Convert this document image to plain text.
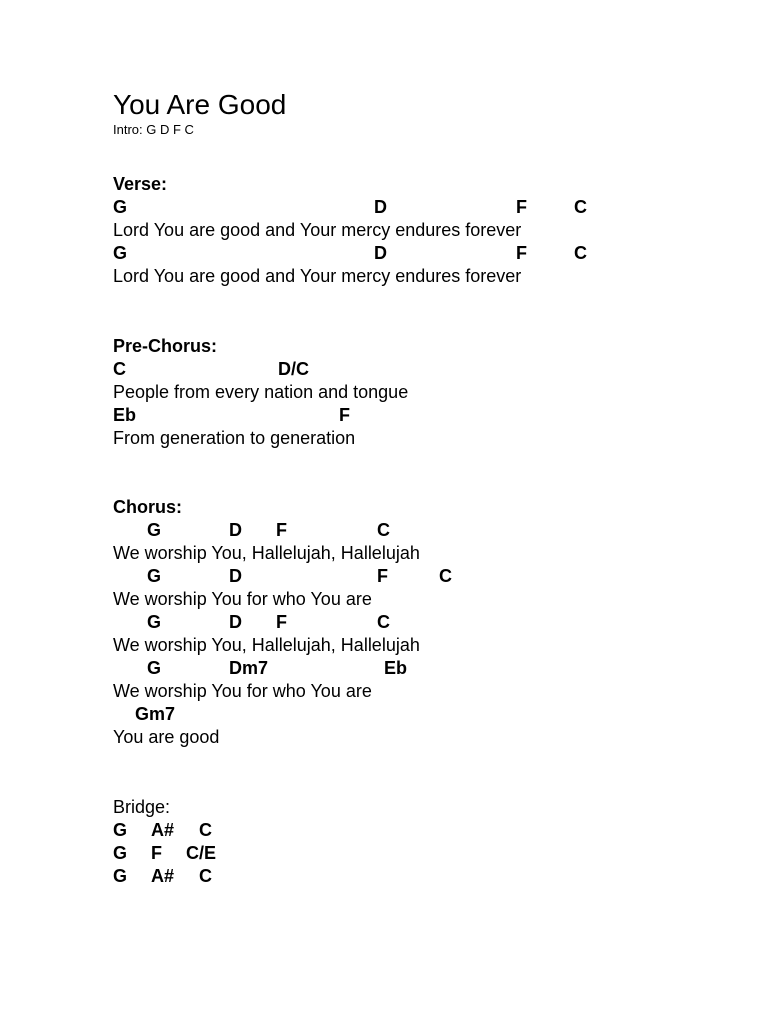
You Are Good
Intro: G D F C
Verse:
G	D	F	C
Lord You are good and Your mercy endures forever
G	D	F	C
Lord You are good and Your mercy endures forever
Pre-Chorus:
C	D/C
People from every nation and tongue
Eb	F
From generation to generation
Chorus:
G	D F	C
We worship You, Hallelujah, Hallelujah
G	D	F	C
We worship You for who You are
G	D F	C
We worship You, Hallelujah, Hallelujah
G	Dm7	Eb
We worship You for who You are
Gm7
You are good
Bridge:
G A# C
G F C/E
G A# C
